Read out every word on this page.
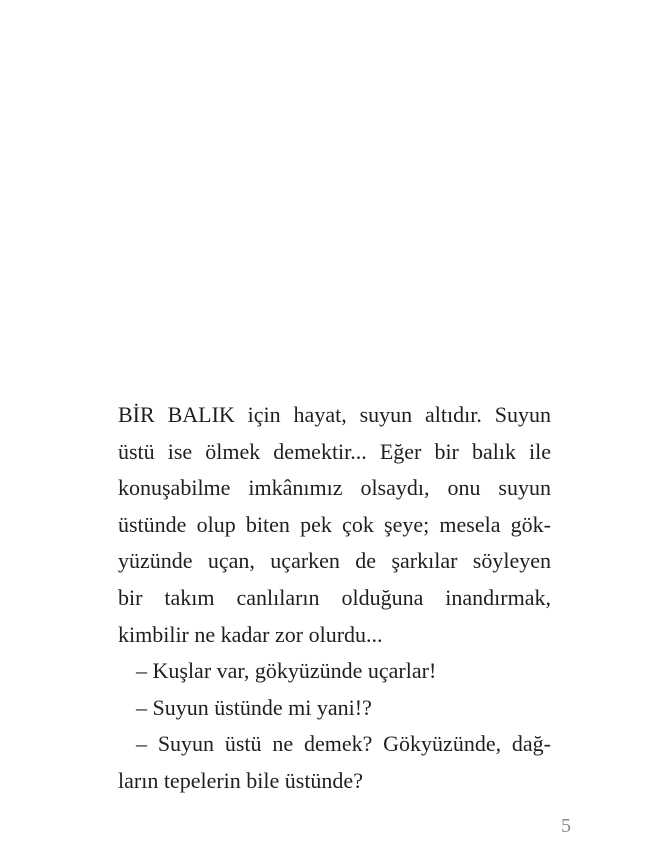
BİR BALIK için hayat, suyun altıdır. Suyun
üstü ise ölmek demektir... Eğer bir balık ile
konuşabilme imkânımız olsaydı, onu suyun
üstünde olup biten pek çok şeye; mesela gök-
yüzünde uçan, uçarken de şarkılar söyleyen
bir takım canlıların olduğuna inandırmak,
kimbilir ne kadar zor olurdu...
– Kuşlar var, gökyüzünde uçarlar!
– Suyun üstünde mi yani!?
– Suyun üstü ne demek? Gökyüzünde, dağ-
ların tepelerin bile üstünde?
5
